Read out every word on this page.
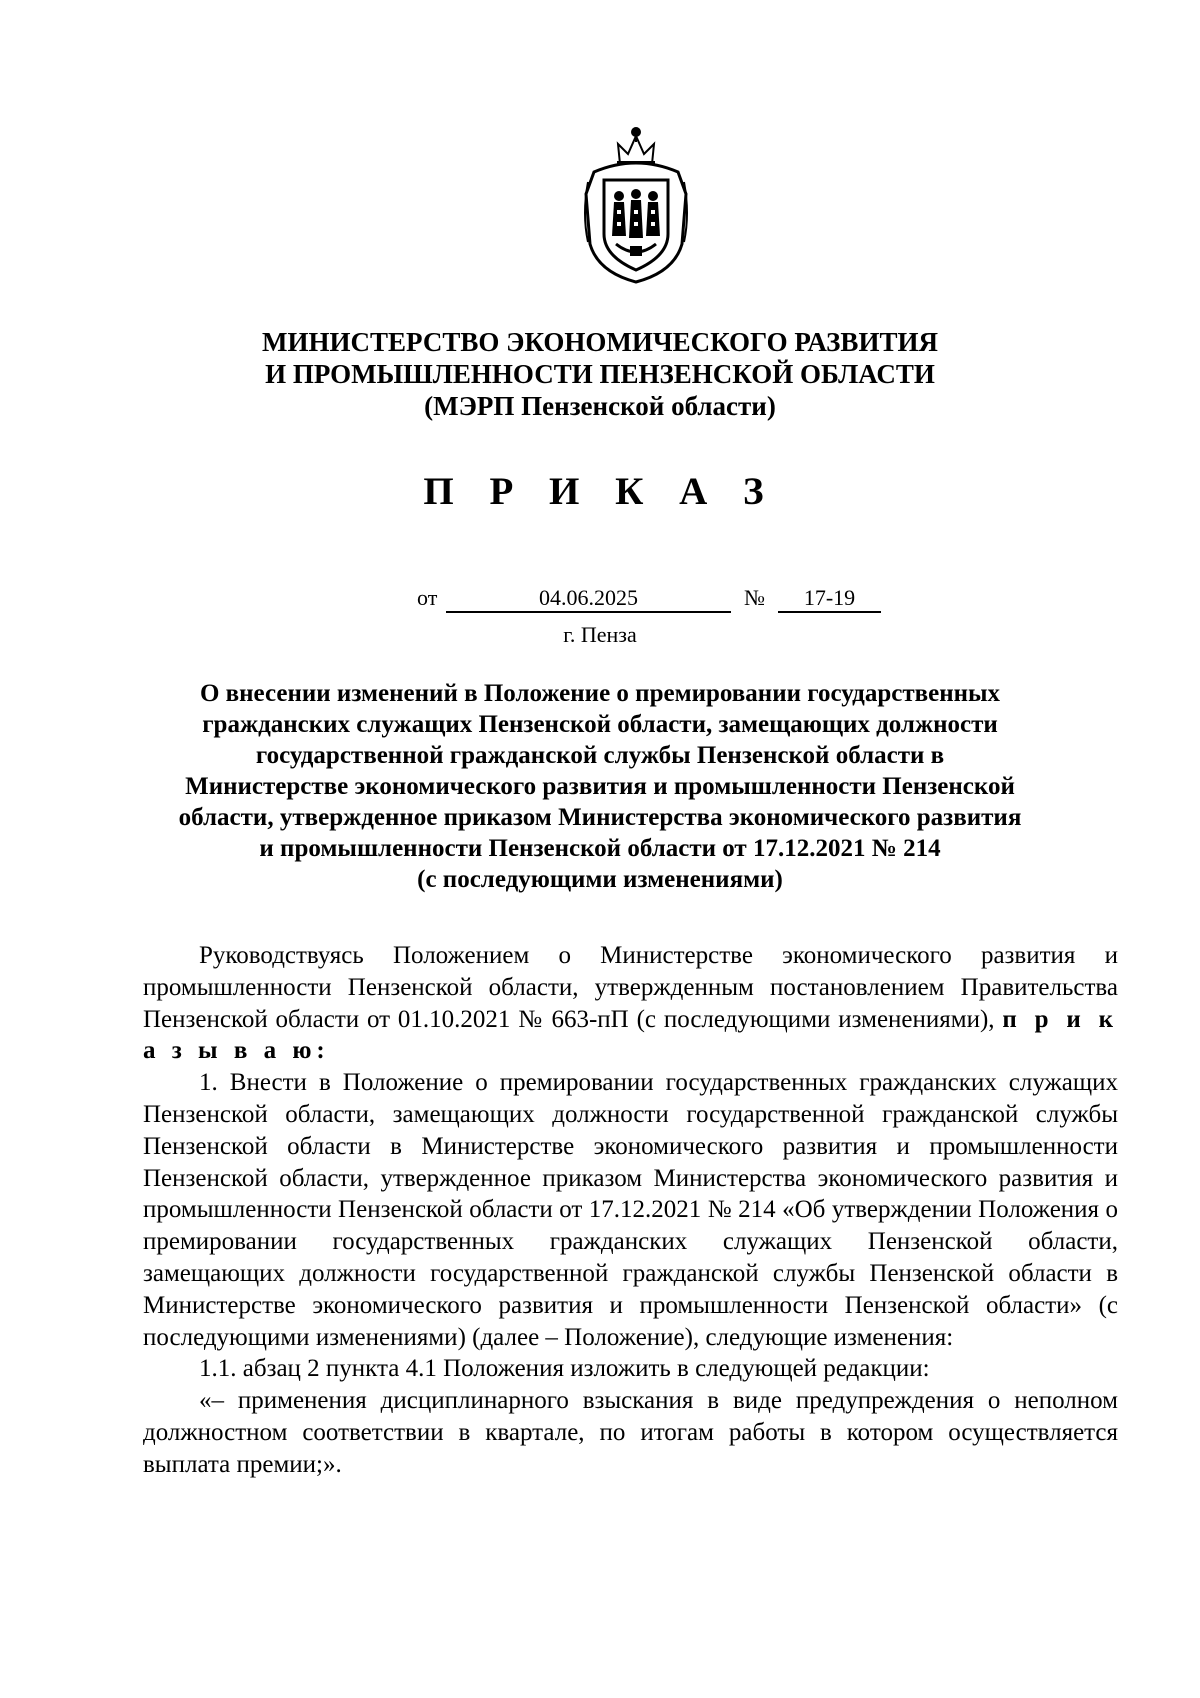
МИНИСТЕРСТВО ЭКОНОМИЧЕСКОГО РАЗВИТИЯ
И ПРОМЫШЛЕННОСТИ ПЕНЗЕНСКОЙ ОБЛАСТИ
(МЭРП Пензенской области)
П Р И К А З
от	04.06.2025	№	17-19
г. Пенза
О внесении изменений в Положение о премировании государственных
гражданских служащих Пензенской области, замещающих должности
государственной гражданской службы Пензенской области в
Министерстве экономического развития и промышленности Пензенской
области, утвержденное приказом Министерства экономического развития
и промышленности Пензенской области от 17.12.2021 № 214
(с последующими изменениями)

Руководствуясь Положением о Министерстве экономического развития и промышленности Пензенской области, утвержденным постановлением Правительства Пензенской области от 01.10.2021 № 663-пП (с последующими изменениями), п р и к а з ы в а ю:

1. Внести в Положение о премировании государственных гражданских служащих Пензенской области, замещающих должности государственной гражданской службы Пензенской области в Министерстве экономического развития и промышленности Пензенской области, утвержденное приказом Министерства экономического развития и промышленности Пензенской области от 17.12.2021 № 214 «Об утверждении Положения о премировании государственных гражданских служащих Пензенской области, замещающих должности государственной гражданской службы Пензенской области в Министерстве экономического развития и промышленности Пензенской области» (с последующими изменениями) (далее – Положение), следующие изменения:

1.1. абзац 2 пункта 4.1 Положения изложить в следующей редакции:

«– применения дисциплинарного взыскания в виде предупреждения о неполном должностном соответствии в квартале, по итогам работы в котором осуществляется выплата премии;».
